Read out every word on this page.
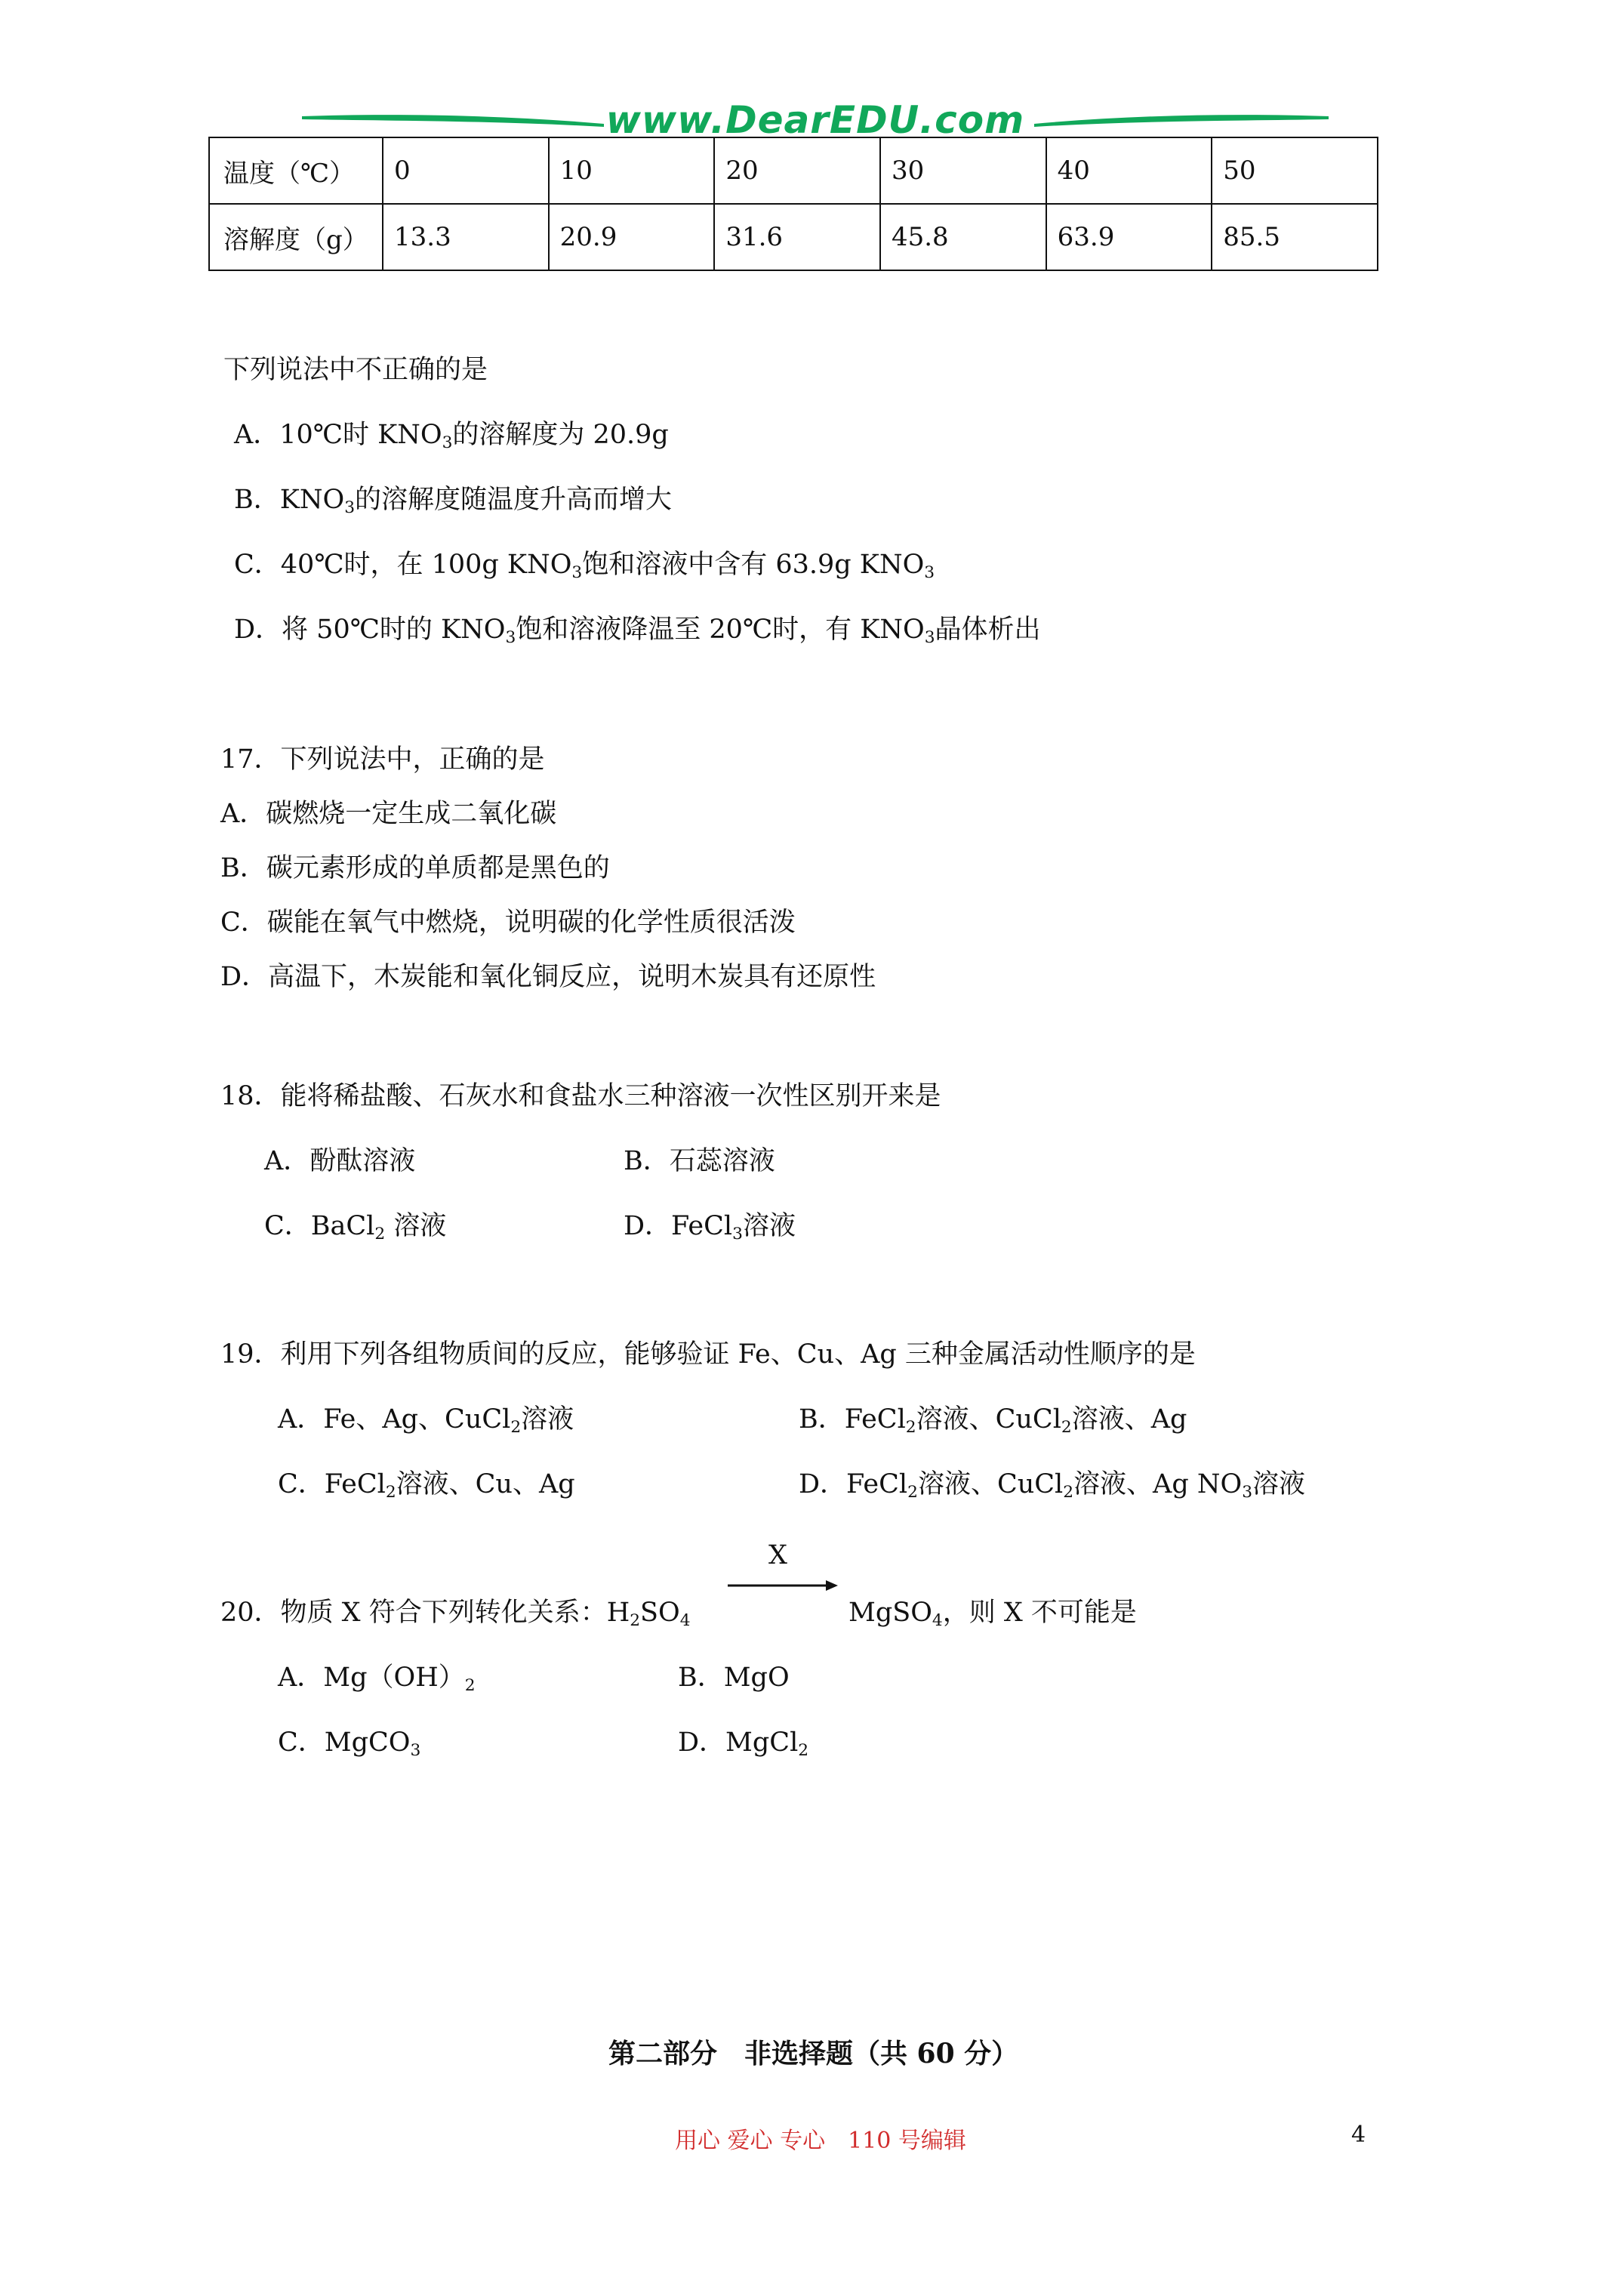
www.DearEDU.com
温度（℃）	0	10	20	30	40	50
溶解度（g）	13.3	20.9	31.6	45.8	63.9	85.5
下列说法中不正确的是
A．10℃时 $KNO_3$的溶解度为 20.9g
B．$KNO_3$的溶解度随温度升高而增大
C．40℃时，在 100g $KNO_3$饱和溶液中含有 63.9g $KNO_3$
D．将 50℃时的 $KNO_3$饱和溶液降温至 20℃时，有 $KNO_3$晶体析出
17．下列说法中，正确的是
A．碳燃烧一定生成二氧化碳
B．碳元素形成的单质都是黑色的
C．碳能在氧气中燃烧，说明碳的化学性质很活泼
D．高温下，木炭能和氧化铜反应，说明木炭具有还原性
18．能将稀盐酸、石灰水和食盐水三种溶液一次性区别开来是
A．酚酞溶液	B．石蕊溶液
C．BaCl$_2$ 溶液	D．FeCl$_3$溶液
19．利用下列各组物质间的反应，能够验证 Fe、Cu、Ag 三种金属活动性顺序的是
A．Fe、Ag、CuCl$_2$溶液	B．FeCl$_2$溶液、CuCl$_2$溶液、Ag
C．FeCl$_2$溶液、Cu、Ag	D．FeCl$_2$溶液、CuCl$_2$溶液、Ag $NO_3$溶液
X
20．物质 X 符合下列转化关系：$H_2SO_4$	MgSO$_4$，则 X 不可能是
A．$Mg(OH)_2$	B．MgO
C．MgCO$_3$	D．MgCl$_2$
第二部分　非选择题（共 60 分）
用心 爱心 专心　110 号编辑	4
